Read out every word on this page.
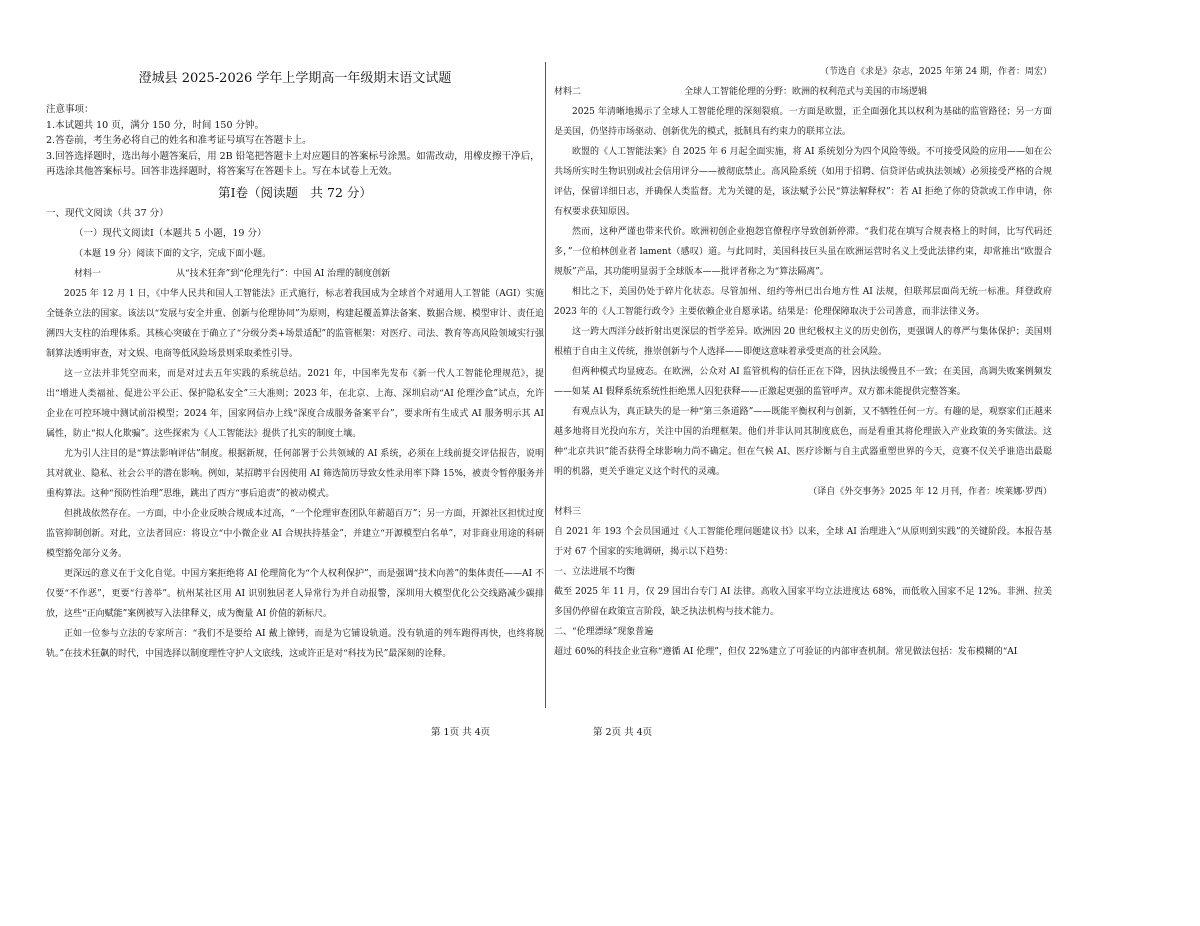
澄城县 2025-2026 学年上学期高一年级期末语文试题
注意事项：
1.本试题共 10 页，满分 150 分，时间 150 分钟。
2.答卷前，考生务必将自己的姓名和准考证号填写在答题卡上。
3.回答选择题时，选出每小题答案后，用 2B 铅笔把答题卡上对应题目的答案标号涂黑。如需改动，用橡皮擦干净后，再选涂其他答案标号。回答非选择题时，将答案写在答题卡上。写在本试卷上无效。
第Ⅰ卷（阅读题　共 72 分）
一、现代文阅读（共 37 分）
（一）现代文阅读Ⅰ（本题共 5 小题，19 分）
（本题 19 分）阅读下面的文字，完成下面小题。
材料一	从“技术狂奔”到“伦理先行”：中国 AI 治理的制度创新

2025 年 12 月 1 日，《中华人民共和国人工智能法》正式施行，标志着我国成为全球首个对通用人工智能（AGI）实施全链条立法的国家。该法以“发展与安全并重、创新与伦理协同”为原则，构建起覆盖算法备案、数据合规、模型审计、责任追溯四大支柱的治理体系。其核心突破在于确立了“分级分类+场景适配”的监管框架：对医疗、司法、教育等高风险领域实行强制算法透明审查，对文娱、电商等低风险场景则采取柔性引导。

这一立法并非凭空而来，而是对过去五年实践的系统总结。2021 年，中国率先发布《新一代人工智能伦理规范》，提出“增进人类福祉、促进公平公正、保护隐私安全”三大准则；2023 年，在北京、上海、深圳启动“AI 伦理沙盒”试点，允许企业在可控环境中测试前沿模型；2024 年，国家网信办上线“深度合成服务备案平台”，要求所有生成式 AI 服务明示其 AI 属性，防止“拟人化欺骗”。这些探索为《人工智能法》提供了扎实的制度土壤。

尤为引人注目的是“算法影响评估”制度。根据新规，任何部署于公共领域的 AI 系统，必须在上线前提交评估报告，说明其对就业、隐私、社会公平的潜在影响。例如，某招聘平台因使用 AI 筛选简历导致女性录用率下降 15%，被责令暂停服务并重构算法。这种“预防性治理”思维，跳出了西方“事后追责”的被动模式。

但挑战依然存在。一方面，中小企业反映合规成本过高，“一个伦理审查团队年薪超百万”；另一方面，开源社区担忧过度监管抑制创新。对此，立法者回应：将设立“中小微企业 AI 合规扶持基金”，并建立“开源模型白名单”，对非商业用途的科研模型豁免部分义务。

更深远的意义在于文化自觉。中国方案拒绝将 AI 伦理简化为“个人权利保护”，而是强调“技术向善”的集体责任——AI 不仅要“不作恶”，更要“行善举”。杭州某社区用 AI 识别独居老人异常行为并自动报警，深圳用大模型优化公交线路减少碳排放，这些“正向赋能”案例被写入法律释义，成为衡量 AI 价值的新标尺。

正如一位参与立法的专家所言：“我们不是要给 AI 戴上镣铐，而是为它铺设轨道。没有轨道的列车跑得再快，也终将脱轨。”在技术狂飙的时代，中国选择以制度理性守护人文底线，这或许正是对“科技为民”最深刻的诠释。

（节选自《求是》杂志，2025 年第 24 期，作者：周宏）

材料二	全球人工智能伦理的分野：欧洲的权利范式与美国的市场逻辑

2025 年清晰地揭示了全球人工智能伦理的深刻裂痕。一方面是欧盟，正全面强化其以权利为基础的监管路径；另一方面是美国，仍坚持市场驱动、创新优先的模式，抵制具有约束力的联邦立法。

欧盟的《人工智能法案》自 2025 年 6 月起全面实施，将 AI 系统划分为四个风险等级。不可接受风险的应用——如在公共场所实时生物识别或社会信用评分——被彻底禁止。高风险系统（如用于招聘、信贷评估或执法领域）必须接受严格的合规评估，保留详细日志，并确保人类监督。尤为关键的是，该法赋予公民“算法解释权”：若 AI 拒绝了你的贷款或工作申请，你有权要求获知原因。

然而，这种严谨也带来代价。欧洲初创企业抱怨官僚程序导致创新停滞。“我们花在填写合规表格上的时间，比写代码还多，”一位柏林创业者 lament（感叹）道。与此同时，美国科技巨头虽在欧洲运营时名义上受此法律约束，却常推出“欧盟合规版”产品，其功能明显弱于全球版本——批评者称之为“算法隔离”。

相比之下，美国仍处于碎片化状态。尽管加州、纽约等州已出台地方性 AI 法规，但联邦层面尚无统一标准。拜登政府 2023 年的《人工智能行政令》主要依赖企业自愿承诺。结果是：伦理保障取决于公司善意，而非法律义务。

这一跨大西洋分歧折射出更深层的哲学差异。欧洲因 20 世纪极权主义的历史创伤，更强调人的尊严与集体保护；美国则根植于自由主义传统，推崇创新与个人选择——即便这意味着承受更高的社会风险。

但两种模式均显疲态。在欧洲，公众对 AI 监管机构的信任正在下降，因执法缓慢且不一致；在美国，高调失败案例频发——如某 AI 假释系统系统性拒绝黑人囚犯获释——正激起更强的监管呼声。双方都未能提供完整答案。

有观点认为，真正缺失的是一种“第三条道路”——既能平衡权利与创新，又不牺牲任何一方。有趣的是，观察家们正越来越多地将目光投向东方，关注中国的治理框架。他们并非认同其制度底色，而是看重其将伦理嵌入产业政策的务实做法。这种“北京共识”能否获得全球影响力尚不确定。但在气候 AI、医疗诊断与自主武器重塑世界的今天，竞赛不仅关乎谁造出最聪明的机器，更关乎谁定义这个时代的灵魂。

（译自《外交事务》2025 年 12 月刊，作者：埃莱娜·罗西）

材料三

自 2021 年 193 个会员国通过《人工智能伦理问题建议书》以来，全球 AI 治理进入“从原则到实践”的关键阶段。本报告基于对 67 个国家的实地调研，揭示以下趋势：

一、立法进展不均衡

截至 2025 年 11 月，仅 29 国出台专门 AI 法律。高收入国家平均立法进度达 68%，而低收入国家不足 12%。非洲、拉美多国仍停留在政策宣言阶段，缺乏执法机构与技术能力。

二、“伦理漂绿”现象普遍

超过 60%的科技企业宣称“遵循 AI 伦理”，但仅 22%建立了可验证的内部审查机制。常见做法包括：发布模糊的“AI

第 1页 共 4页	第 2页 共 4页
